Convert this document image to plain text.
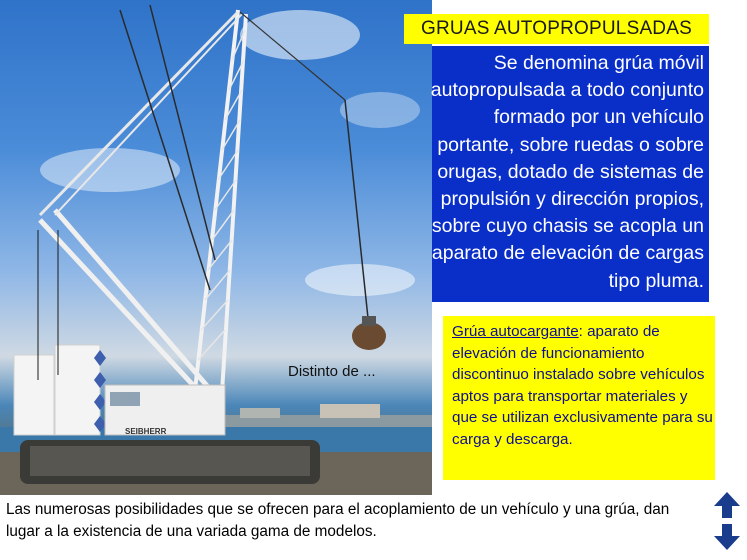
SEIBHERR
GRUAS AUTOPROPULSADAS
Se denomina grúa móvil
autopropulsada a todo conjunto
formado por un vehículo
portante, sobre ruedas o sobre
orugas, dotado de sistemas de
propulsión y dirección propios,
sobre cuyo chasis se acopla un
aparato de elevación de cargas
tipo pluma.
Grúa autocargante: aparato de elevación de funcionamiento discontinuo instalado sobre vehículos aptos para transportar materiales y que se utilizan exclusivamente para su carga y descarga.
Distinto de ...
Las numerosas posibilidades que se ofrecen para el acoplamiento de un vehículo y una grúa, dan lugar a la existencia de una variada gama de modelos.
